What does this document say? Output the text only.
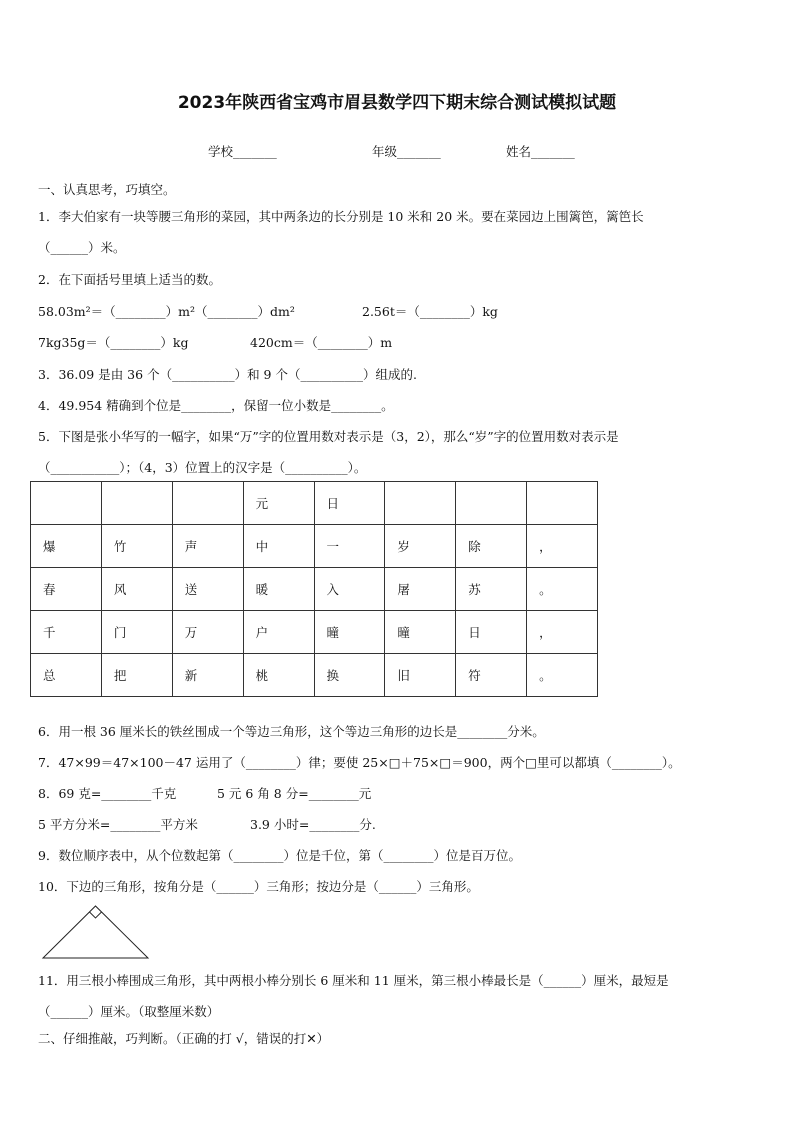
2023年陕西省宝鸡市眉县数学四下期末综合测试模拟试题
学校_______	年级_______	姓名_______
一、认真思考，巧填空。
1．李大伯家有一块等腰三角形的菜园，其中两条边的长分别是 10 米和 20 米。要在菜园边上围篱笆，篱笆长
（______）米。
2．在下面括号里填上适当的数。
58.03m²＝（________）m²（________）dm²	2.56t＝（________）kg
7kg35g＝（________）kg	420cm＝（________）m
3．36.09 是由 36 个（__________）和 9 个（__________）组成的.
4．49.954 精确到个位是________，保留一位小数是________。
5．下图是张小华写的一幅字，如果“万”字的位置用数对表示是（3，2），那么“岁”字的位置用数对表示是
（___________）；（4，3）位置上的汉字是（__________）。
			元	日			
爆	竹	声	中	一	岁	除	，
春	风	送	暖	入	屠	苏	。
千	门	万	户	曈	曈	日	，
总	把	新	桃	换	旧	符	。
6．用一根 36 厘米长的铁丝围成一个等边三角形，这个等边三角形的边长是________分米。
7．47×99＝47×100－47 运用了（________）律；要使 25×□＋75×□＝900，两个□里可以都填（________）。
8．69 克=________千克	5 元 6 角 8 分=________元
5 平方分米=________平方米	3.9 小时=________分.
9．数位顺序表中，从个位数起第（________）位是千位，第（________）位是百万位。
10．下边的三角形，按角分是（______）三角形；按边分是（______）三角形。
11．用三根小棒围成三角形，其中两根小棒分别长 6 厘米和 11 厘米，第三根小棒最长是（______）厘米，最短是
（______）厘米。（取整厘米数）
二、仔细推敲，巧判断。（正确的打 √，错误的打✕）
